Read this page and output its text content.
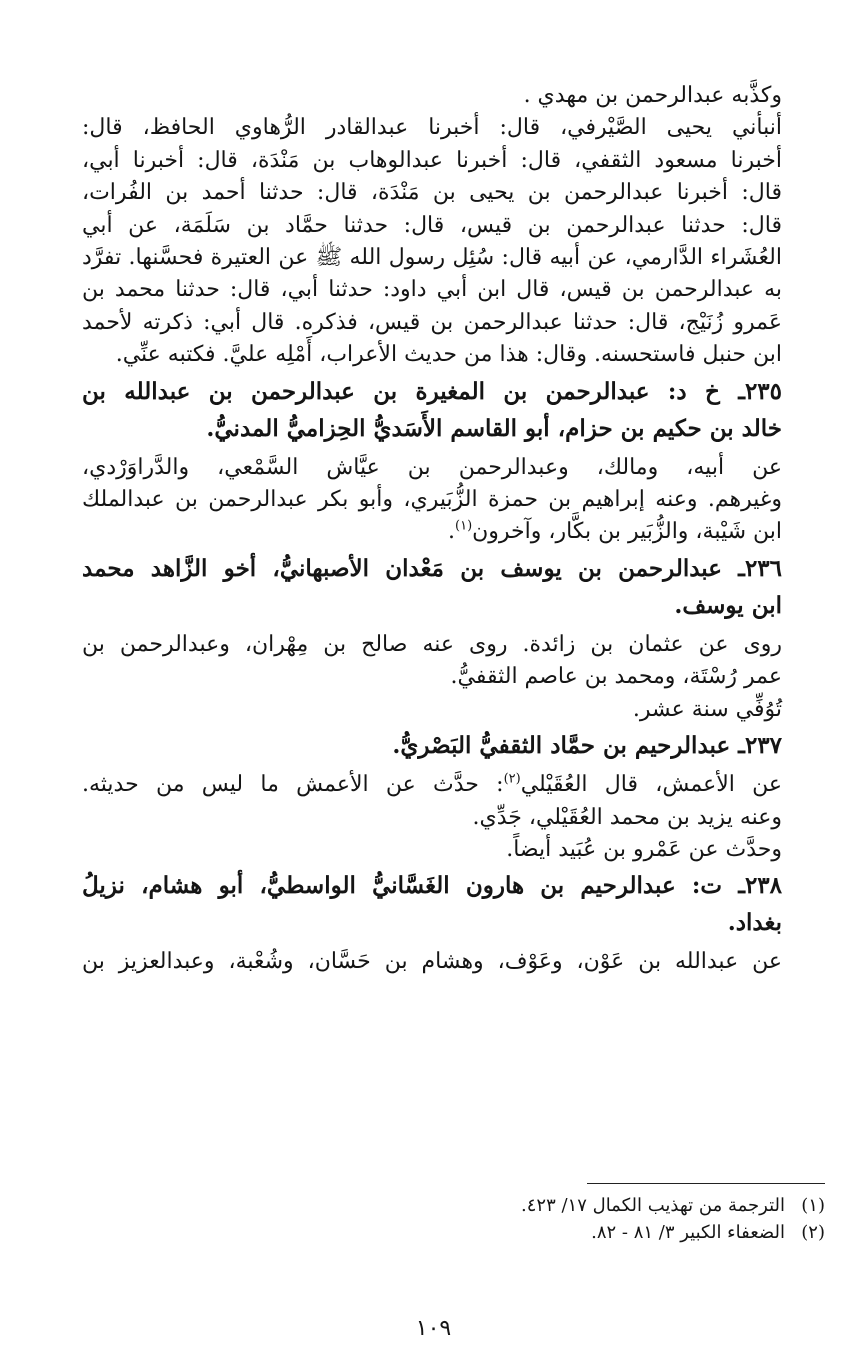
وكذَّبه عبدالرحمن بن مهدي .
أنبأني يحيى الصَّيْرفي، قال: أخبرنا عبدالقادر الرُّهاوي الحافظ، قال:
أخبرنا مسعود الثقفي، قال: أخبرنا عبدالوهاب بن مَنْدَة، قال: أخبرنا أبي،
قال: أخبرنا عبدالرحمن بن يحيى بن مَنْدَة، قال: حدثنا أحمد بن الفُرات،
قال: حدثنا عبدالرحمن بن قيس، قال: حدثنا حمَّاد بن سَلَمَة، عن أبي
العُشَراء الدَّارمي، عن أبيه قال: سُئِل رسول الله ﷺ عن العتيرة فحسَّنها. تفرَّد
به عبدالرحمن بن قيس، قال ابن أبي داود: حدثنا أبي، قال: حدثنا محمد بن
عَمرو زُنَيْج، قال: حدثنا عبدالرحمن بن قيس، فذكره. قال أبي: ذكرته لأحمد
ابن حنبل فاستحسنه. وقال: هذا من حديث الأعراب، أَمْلِه عليَّ. فكتبه عنِّي.
٢٣٥ـ خ د: عبدالرحمن بن المغيرة بن عبدالرحمن بن عبدالله بن
خالد بن حكيم بن حزام، أبو القاسم الأَسَديُّ الحِزاميُّ المدنيُّ.
عن أبيه، ومالك، وعبدالرحمن بن عيَّاش السَّمْعي، والدَّراوَرْدي،
وغيرهم. وعنه إبراهيم بن حمزة الزُّبَيري، وأبو بكر عبدالرحمن بن عبدالملك
ابن شَيْبة، والزُّبَير بن بكَّار، وآخرون$^{(١)}$.
٢٣٦ـ عبدالرحمن بن يوسف بن مَعْدان الأصبهانيُّ، أخو الزَّاهد محمد
ابن يوسف.
روى عن عثمان بن زائدة. روى عنه صالح بن مِهْران، وعبدالرحمن بن
عمر رُسْتَة، ومحمد بن عاصم الثقفيُّ.
تُوُفِّي سنة عشر.
٢٣٧ـ عبدالرحيم بن حمَّاد الثقفيُّ البَصْريُّ.
عن الأعمش، قال العُقَيْلي$^{(٢)}$: حدَّث عن الأعمش ما ليس من حديثه.
وعنه يزيد بن محمد العُقَيْلي، جَدِّي.
وحدَّث عن عَمْرو بن عُبَيد أيضاً.
٢٣٨ـ ت: عبدالرحيم بن هارون الغَسَّانيُّ الواسطيُّ، أبو هشام، نزيلُ
بغداد.
عن عبدالله بن عَوْن، وعَوْف، وهشام بن حَسَّان، وشُعْبة، وعبدالعزيز بن
(١)الترجمة من تهذيب الكمال ١٧/ ٤٢٣.
(٢)الضعفاء الكبير ٣/ ٨١ - ٨٢.
١٠٩
